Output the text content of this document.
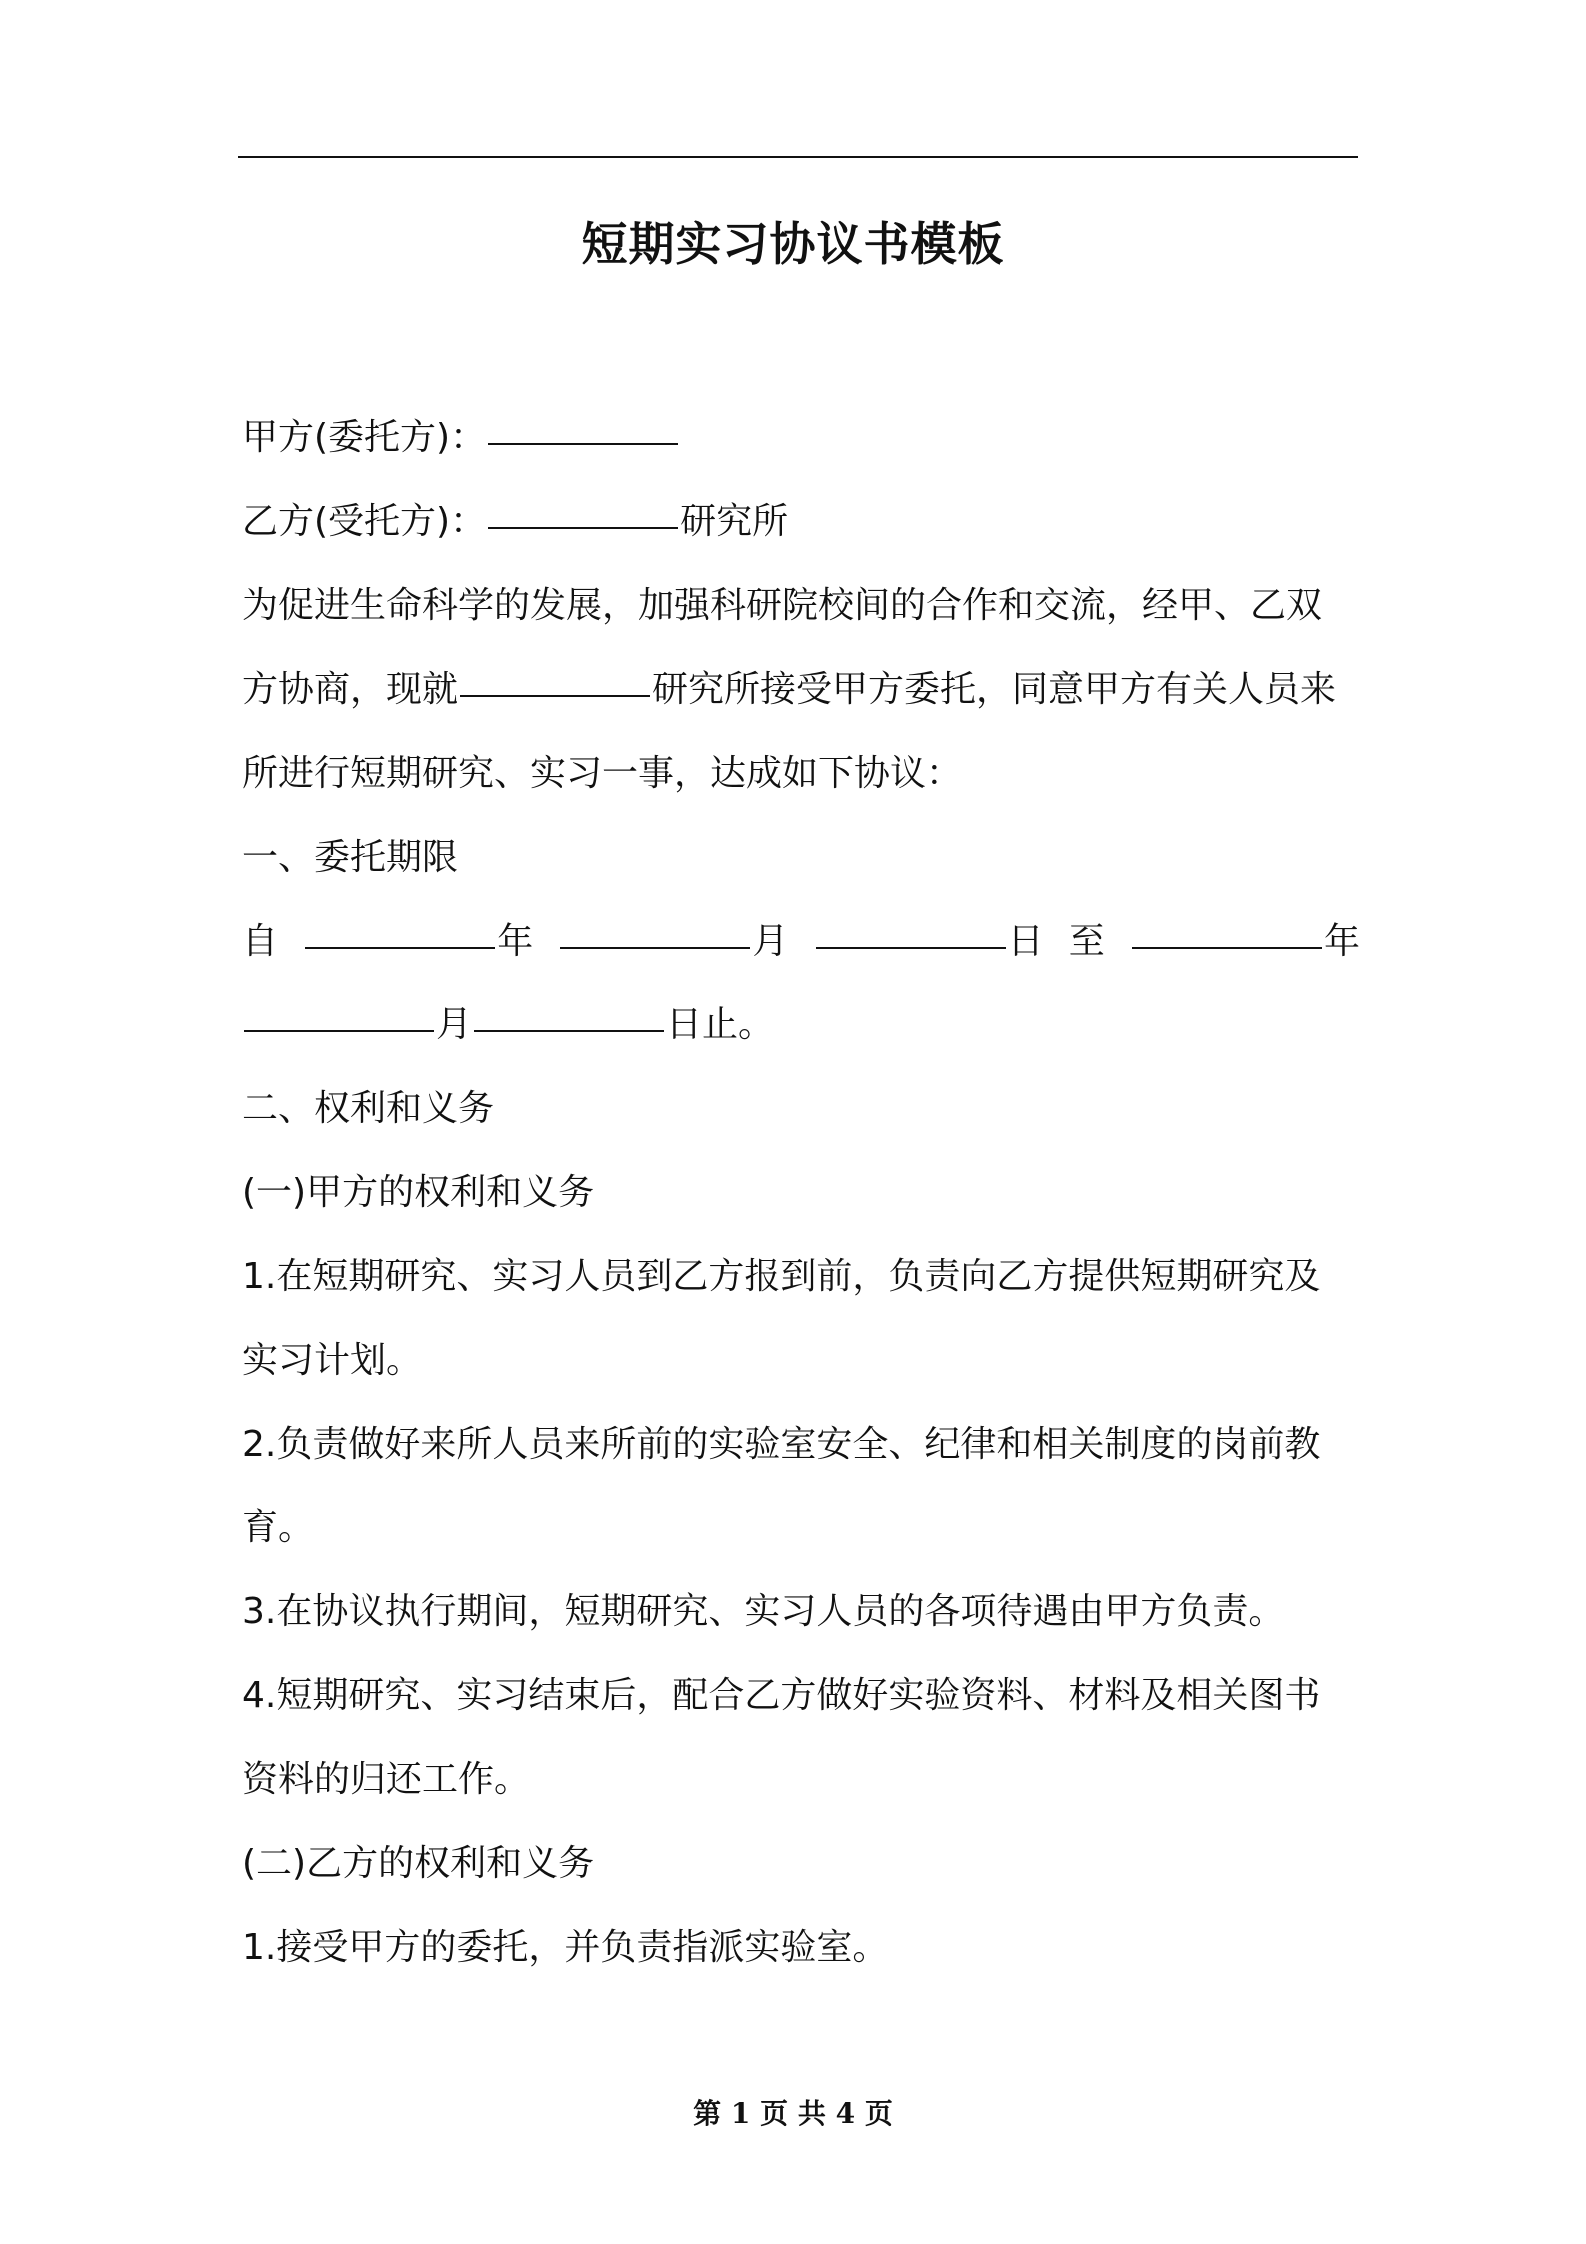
短期实习协议书模板
甲方(委托方)：
乙方(受托方)：	研究所
为促进生命科学的发展，加强科研院校间的合作和交流，经甲、乙双
方协商，现就	研究所接受甲方委托，同意甲方有关人员来
所进行短期研究、实习一事，达成如下协议：
一、委托期限
自	年	月	日 至	年
月	日止。
二、权利和义务
(一)甲方的权利和义务
1.在短期研究、实习人员到乙方报到前，负责向乙方提供短期研究及
实习计划。
2.负责做好来所人员来所前的实验室安全、纪律和相关制度的岗前教
育。
3.在协议执行期间，短期研究、实习人员的各项待遇由甲方负责。
4.短期研究、实习结束后，配合乙方做好实验资料、材料及相关图书
资料的归还工作。
(二)乙方的权利和义务
1.接受甲方的委托，并负责指派实验室。
第 1 页 共 4 页
